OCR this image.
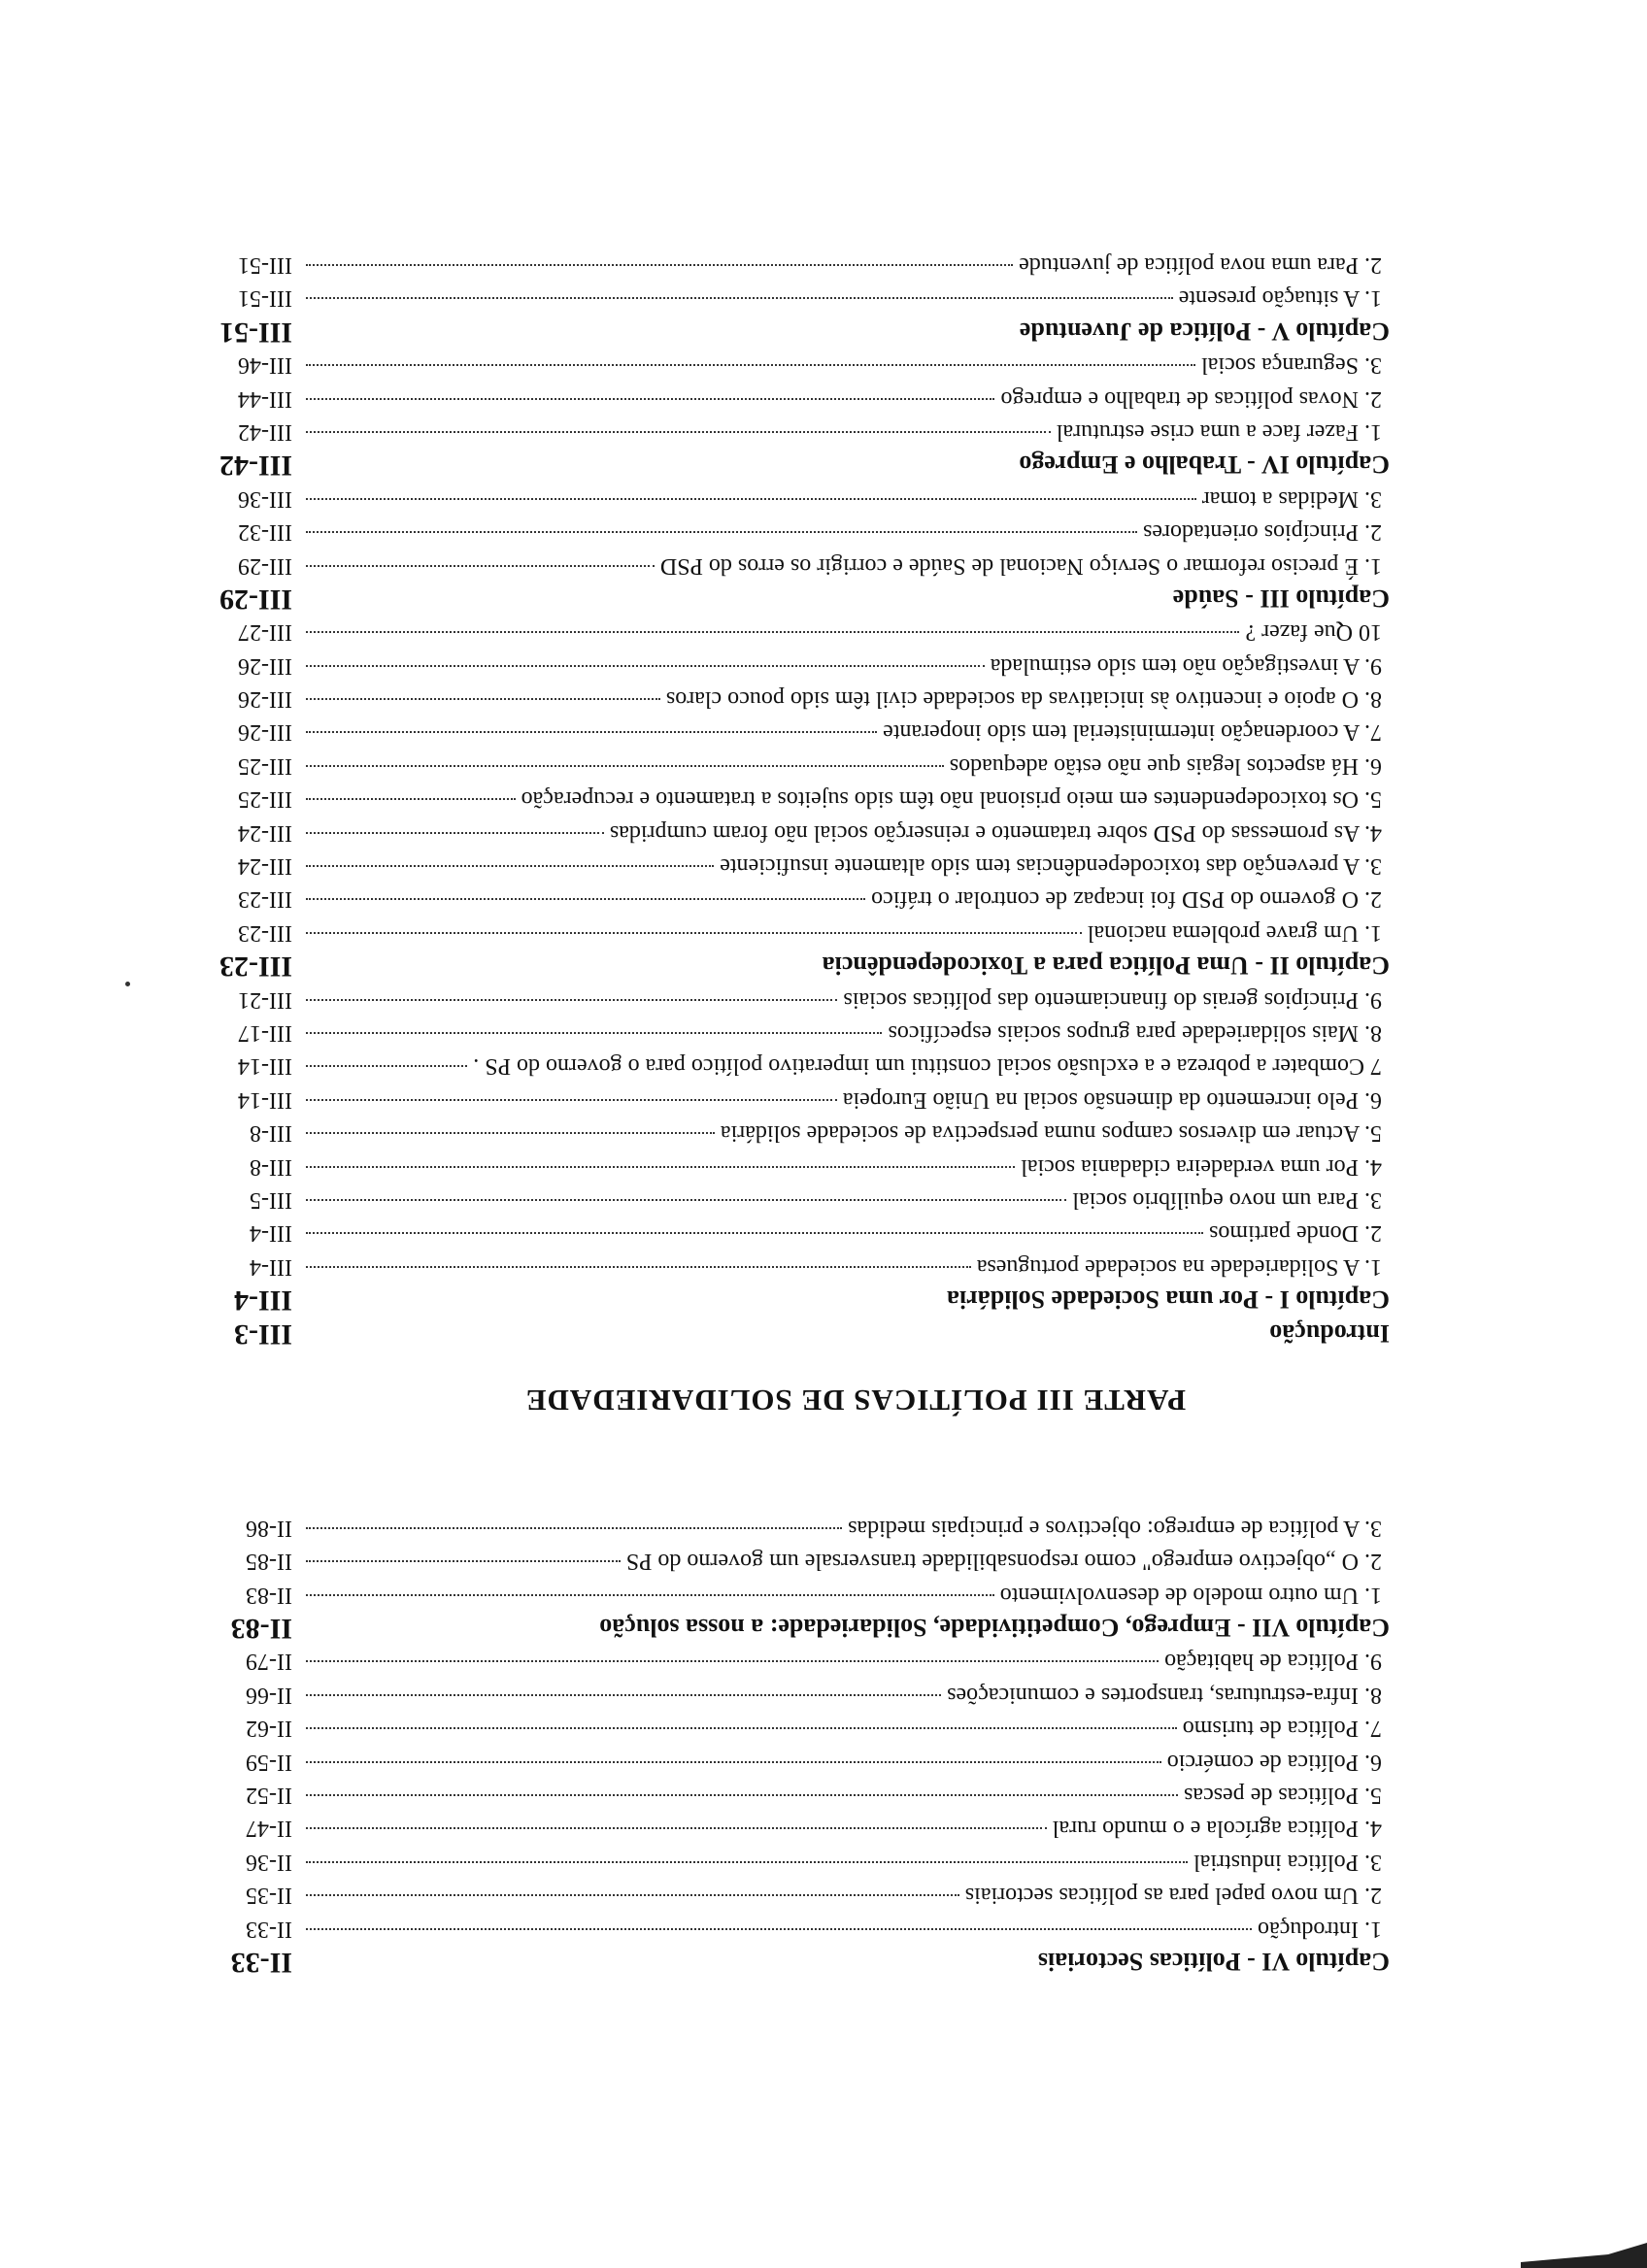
Capítulo VI - Políticas Sectoriais
II-33
1. Introdução
II-33
2. Um novo papel para as políticas sectoriais
II-35
3. Política industrial
II-36
4. Política agrícola e o mundo rural
II-47
5. Políticas de pescas
II-52
6. Política de comércio
II-59
7. Política de turismo
II-62
8. Infra-estruturas, transportes e comunicações
II-66
9. Política de habitação
II-79
Capítulo VII - Emprego, Competitividade, Solidariedade: a nossa solução
II-83
1. Um outro modelo de desenvolvimento
II-83
2. O „objectivo emprego" como responsabilidade transversale um governo do PS
II-85
3. A política de emprego: objectivos e principais medidas
II-86
PARTE III POLÍTICAS DE SOLIDARIEDADE
Introdução
III-3
Capítulo I - Por uma Sociedade Solidária
III-4
1. A Solidariedade na sociedade portuguesa
III-4
2. Donde partimos
III-4
3. Para um novo equilíbrio social
III-5
4. Por uma verdadeira cidadania social
III-8
5. Actuar em diversos campos numa perspectiva de sociedade solidária
III-8
6. Pelo incremento da dimensão social na União Europeia
III-14
7 Combater a pobreza e a exclusão social constitui um imperativo político para o governo do PS .
III-14
8. Mais solidariedade para grupos sociais específicos
III-17
9. Princípios gerais do financiamento das políticas sociais
III-21
Capítulo II - Uma Política para a Toxicodependência
III-23
1. Um grave problema nacional
III-23
2. O governo do PSD foi incapaz de controlar o tráfico
III-23
3. A prevenção das toxicodependências tem sido altamente insuficiente
III-24
4. As promessas do PSD sobre tratamento e reinserção social não foram cumpridas
III-24
5. Os toxicodependentes em meio prisional não têm sido sujeitos a tratamento e recuperação
III-25
6. Há aspectos legais que não estão adequados
III-25
7. A coordenação interministerial tem sido inoperante
III-26
8. O apoio e incentivo às iniciativas da sociedade civil têm sido pouco claros
III-26
9. A investigação não tem sido estimulada
III-26
10 Que fazer ?
III-27
Capítulo III - Saúde
III-29
1. É preciso reformar o Serviço Nacional de Saúde e corrigir os erros do PSD
III-29
2. Princípios orientadores
III-32
3. Medidas a tomar
III-36
Capítulo IV - Trabalho e Emprego
III-42
1. Fazer face a uma crise estrutural
III-42
2. Novas políticas de trabalho e emprego
III-44
3. Segurança social
III-46
Capítulo V - Política de Juventude
III-51
1. A situação presente
III-51
2. Para uma nova política de juventude
III-51
